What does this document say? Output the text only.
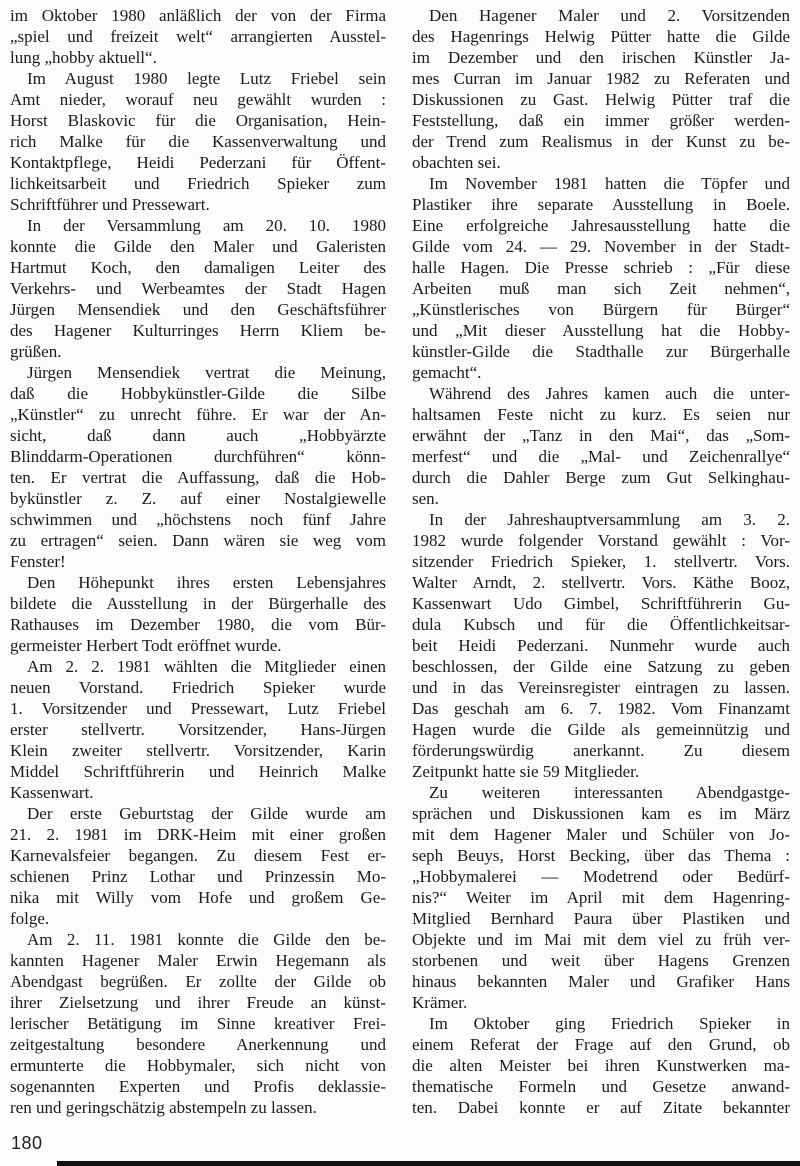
im Oktober 1980 anläßlich der von der Firma
„spiel und freizeit welt“ arrangierten Ausstel-
lung „hobby aktuell“.
Im August 1980 legte Lutz Friebel sein
Amt nieder, worauf neu gewählt wurden :
Horst Blaskovic für die Organisation, Hein-
rich Malke für die Kassenverwaltung und
Kontaktpflege, Heidi Pederzani für Öffent-
lichkeitsarbeit und Friedrich Spieker zum
Schriftführer und Pressewart.
In der Versammlung am 20. 10. 1980
konnte die Gilde den Maler und Galeristen
Hartmut Koch, den damaligen Leiter des
Verkehrs- und Werbeamtes der Stadt Hagen
Jürgen Mensendiek und den Geschäftsführer
des Hagener Kulturringes Herrn Kliem be-
grüßen.
Jürgen Mensendiek vertrat die Meinung,
daß die Hobbykünstler-Gilde die Silbe
„Künstler“ zu unrecht führe. Er war der An-
sicht, daß dann auch „Hobbyärzte
Blinddarm-Operationen durchführen“ könn-
ten. Er vertrat die Auffassung, daß die Hob-
bykünstler z. Z. auf einer Nostalgiewelle
schwimmen und „höchstens noch fünf Jahre
zu ertragen“ seien. Dann wären sie weg vom
Fenster!
Den Höhepunkt ihres ersten Lebensjahres
bildete die Ausstellung in der Bürgerhalle des
Rathauses im Dezember 1980, die vom Bür-
germeister Herbert Todt eröffnet wurde.
Am 2. 2. 1981 wählten die Mitglieder einen
neuen Vorstand. Friedrich Spieker wurde
1. Vorsitzender und Pressewart, Lutz Friebel
erster stellvertr. Vorsitzender, Hans-Jürgen
Klein zweiter stellvertr. Vorsitzender, Karin
Middel Schriftführerin und Heinrich Malke
Kassenwart.
Der erste Geburtstag der Gilde wurde am
21. 2. 1981 im DRK-Heim mit einer großen
Karnevalsfeier begangen. Zu diesem Fest er-
schienen Prinz Lothar und Prinzessin Mo-
nika mit Willy vom Hofe und großem Ge-
folge.
Am 2. 11. 1981 konnte die Gilde den be-
kannten Hagener Maler Erwin Hegemann als
Abendgast begrüßen. Er zollte der Gilde ob
ihrer Zielsetzung und ihrer Freude an künst-
lerischer Betätigung im Sinne kreativer Frei-
zeitgestaltung besondere Anerkennung und
ermunterte die Hobbymaler, sich nicht von
sogenannten Experten und Profis deklassie-
ren und geringschätzig abstempeln zu lassen.
Den Hagener Maler und 2. Vorsitzenden
des Hagenrings Helwig Pütter hatte die Gilde
im Dezember und den irischen Künstler Ja-
mes Curran im Januar 1982 zu Referaten und
Diskussionen zu Gast. Helwig Pütter traf die
Feststellung, daß ein immer größer werden-
der Trend zum Realismus in der Kunst zu be-
obachten sei.
Im November 1981 hatten die Töpfer und
Plastiker ihre separate Ausstellung in Boele.
Eine erfolgreiche Jahresausstellung hatte die
Gilde vom 24. — 29. November in der Stadt-
halle Hagen. Die Presse schrieb : „Für diese
Arbeiten muß man sich Zeit nehmen“,
„Künstlerisches von Bürgern für Bürger“
und „Mit dieser Ausstellung hat die Hobby-
künstler-Gilde die Stadthalle zur Bürgerhalle
gemacht“.
Während des Jahres kamen auch die unter-
haltsamen Feste nicht zu kurz. Es seien nur
erwähnt der „Tanz in den Mai“, das „Som-
merfest“ und die „Mal- und Zeichenrallye“
durch die Dahler Berge zum Gut Selkinghau-
sen.
In der Jahreshauptversammlung am 3. 2.
1982 wurde folgender Vorstand gewählt : Vor-
sitzender Friedrich Spieker, 1. stellvertr. Vors.
Walter Arndt, 2. stellvertr. Vors. Käthe Booz,
Kassenwart Udo Gimbel, Schriftführerin Gu-
dula Kubsch und für die Öffentlichkeitsar-
beit Heidi Pederzani. Nunmehr wurde auch
beschlossen, der Gilde eine Satzung zu geben
und in das Vereinsregister eintragen zu lassen.
Das geschah am 6. 7. 1982. Vom Finanzamt
Hagen wurde die Gilde als gemeinnützig und
förderungswürdig anerkannt. Zu diesem
Zeitpunkt hatte sie 59 Mitglieder.
Zu weiteren interessanten Abendgastge-
sprächen und Diskussionen kam es im März
mit dem Hagener Maler und Schüler von Jo-
seph Beuys, Horst Becking, über das Thema :
„Hobbymalerei — Modetrend oder Bedürf-
nis?“ Weiter im April mit dem Hagenring-
Mitglied Bernhard Paura über Plastiken und
Objekte und im Mai mit dem viel zu früh ver-
storbenen und weit über Hagens Grenzen
hinaus bekannten Maler und Grafiker Hans
Krämer.
Im Oktober ging Friedrich Spieker in
einem Referat der Frage auf den Grund, ob
die alten Meister bei ihren Kunstwerken ma-
thematische Formeln und Gesetze anwand-
ten. Dabei konnte er auf Zitate bekannter
180
